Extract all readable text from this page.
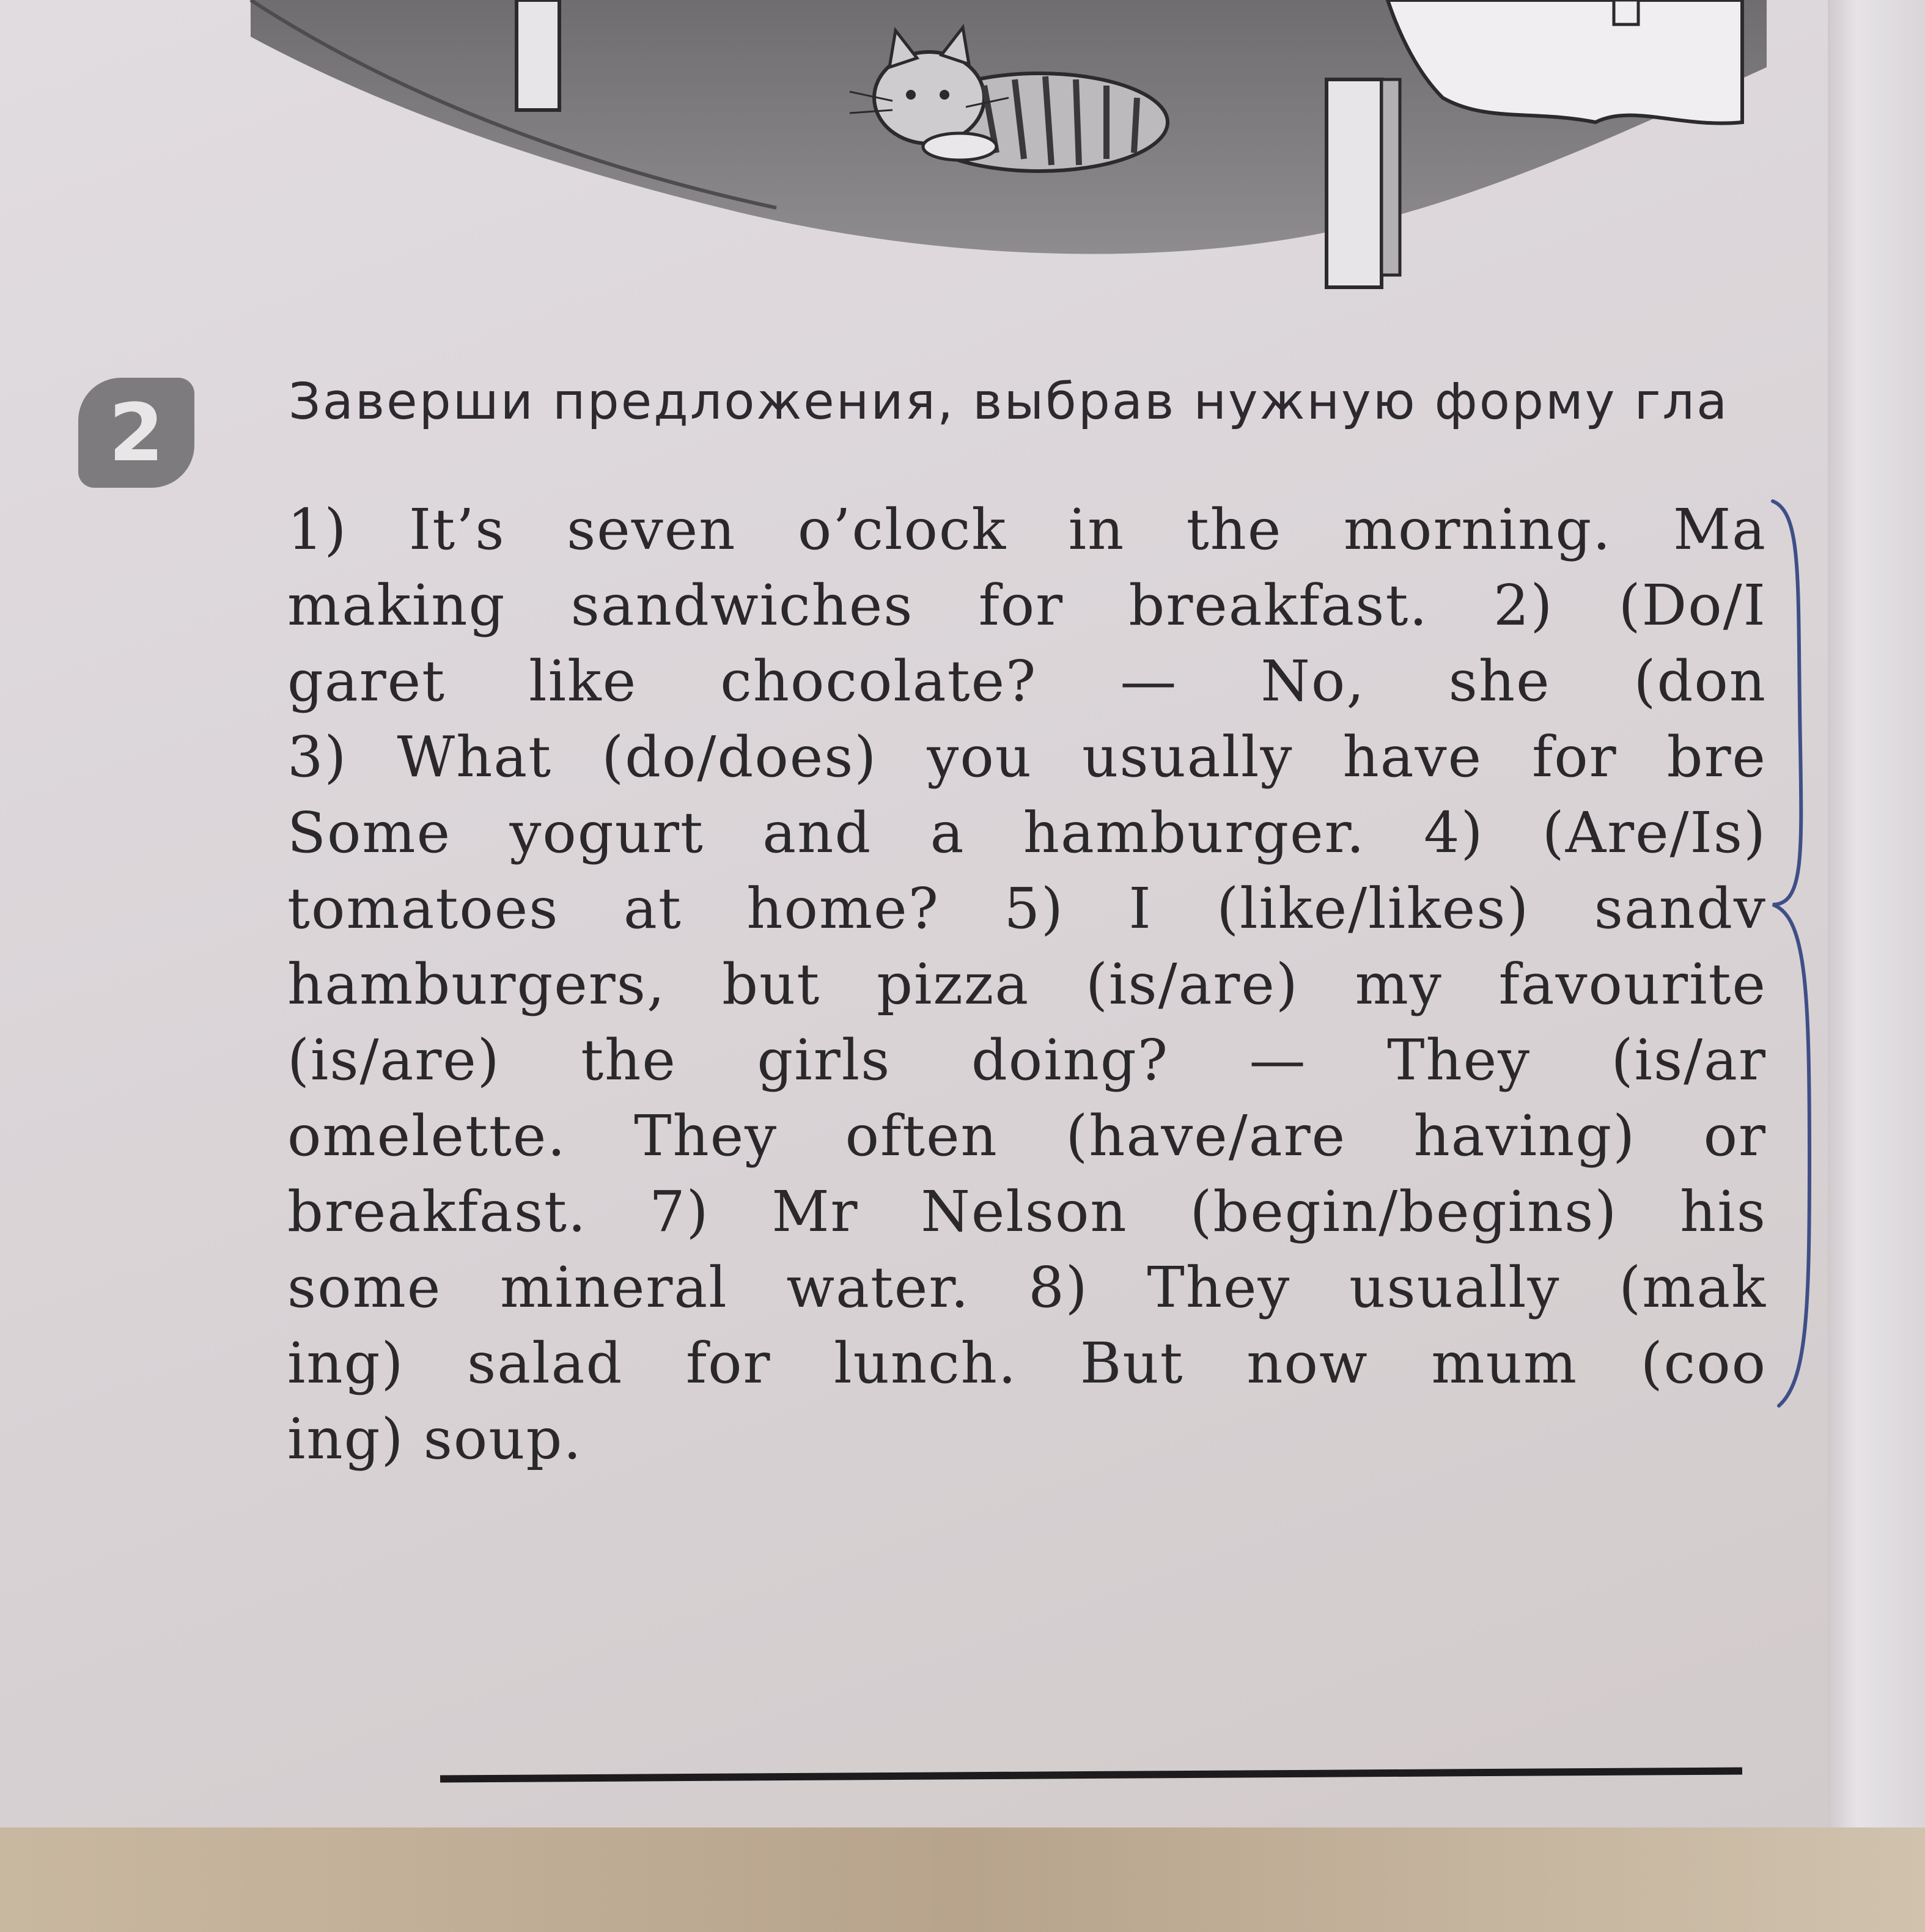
2 Заверши предложения, выбрав нужную форму гла
1) It’s seven o’clock in the morning. Ma
making sandwiches for breakfast. 2) (Do/I
garet like chocolate? — No, she (don
3) What (do/does) you usually have for bre
Some yogurt and a hamburger. 4) (Are/Is)
tomatoes at home? 5) I (like/likes) sandv
hamburgers, but pizza (is/are) my favourite
(is/are) the girls doing? — They (is/ar
omelette. They often (have/are having) or
breakfast. 7) Mr Nelson (begin/begins) his
some mineral water. 8) They usually (mak
ing) salad for lunch. But now mum (coo
ing) soup.
